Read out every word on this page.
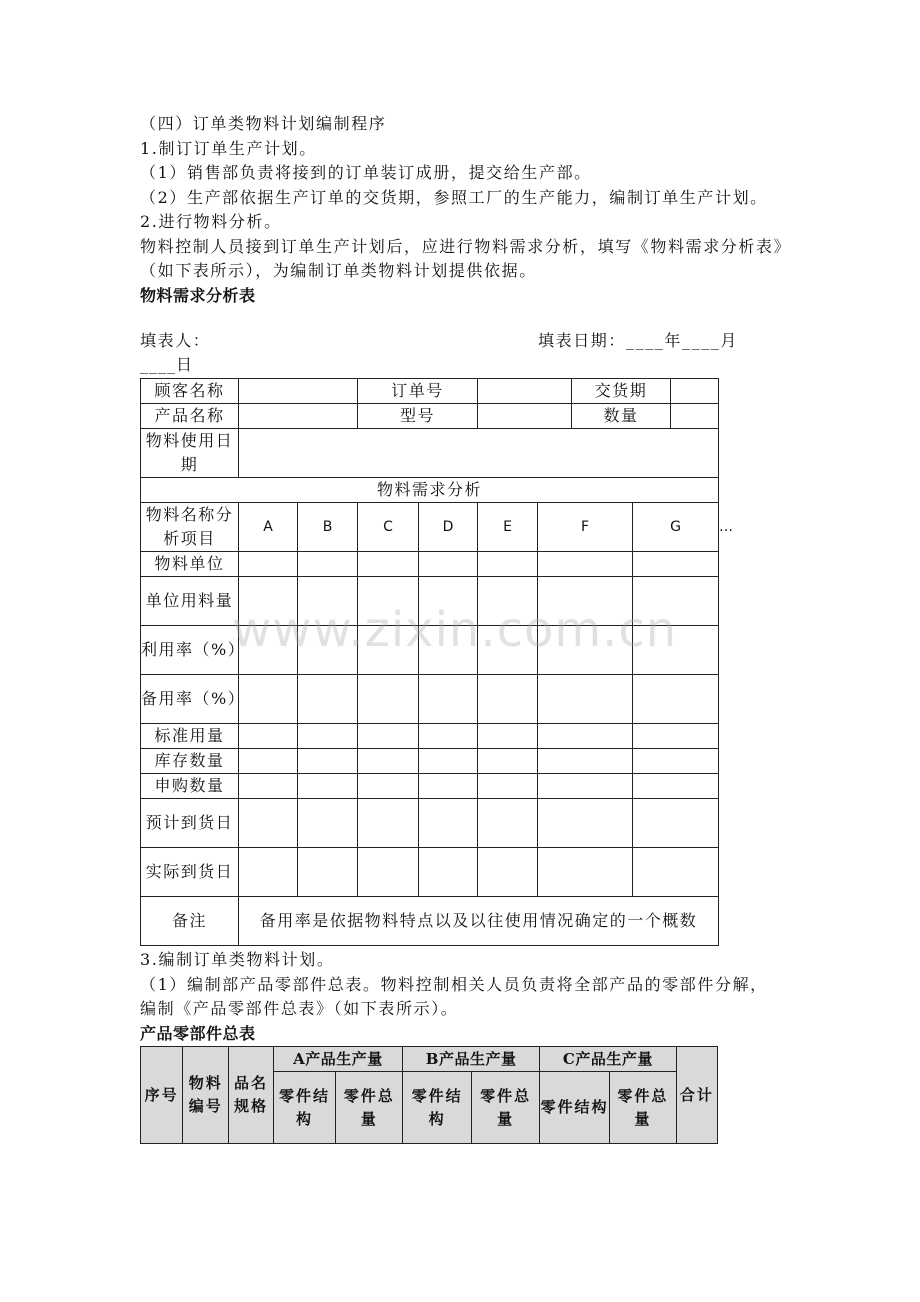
（四）订单类物料计划编制程序

1.制订订单生产计划。

（1）销售部负责将接到的订单装订成册，提交给生产部。

（2）生产部依据生产订单的交货期，参照工厂的生产能力，编制订单生产计划。

2.进行物料分析。

物料控制人员接到订单生产计划后，应进行物料需求分析，填写《物料需求分析表》（如下表所示），为编制订单类物料计划提供依据。

物料需求分析表

填表人：	填表日期：____年____月
____日
顾客名称			订单号				交货期			
产品名称			型号				数量			
物料使用日期										
物料需求分析										
物料名称分析项目	A	B	C	D	E	F		G		…
物料单位										
单位用料量										
利用率（%）										
备用率（%）										
标准用量										
库存数量										
申购数量										
预计到货日										
实际到货日										
备注	备用率是依据物料特点以及以往使用情况确定的一个概数									

3.编制订单类物料计划。

（1）编制部产品零部件总表。物料控制相关人员负责将全部产品的零部件分解，编制《产品零部件总表》（如下表所示）。

产品零部件总表

序号	物料编号	品名规格	A产品生产量		B产品生产量		C产品生产量		合计
			零件结构	零件总量	零件结构	零件总量	零件结构	零件总量	
www.zixin.com.cn
